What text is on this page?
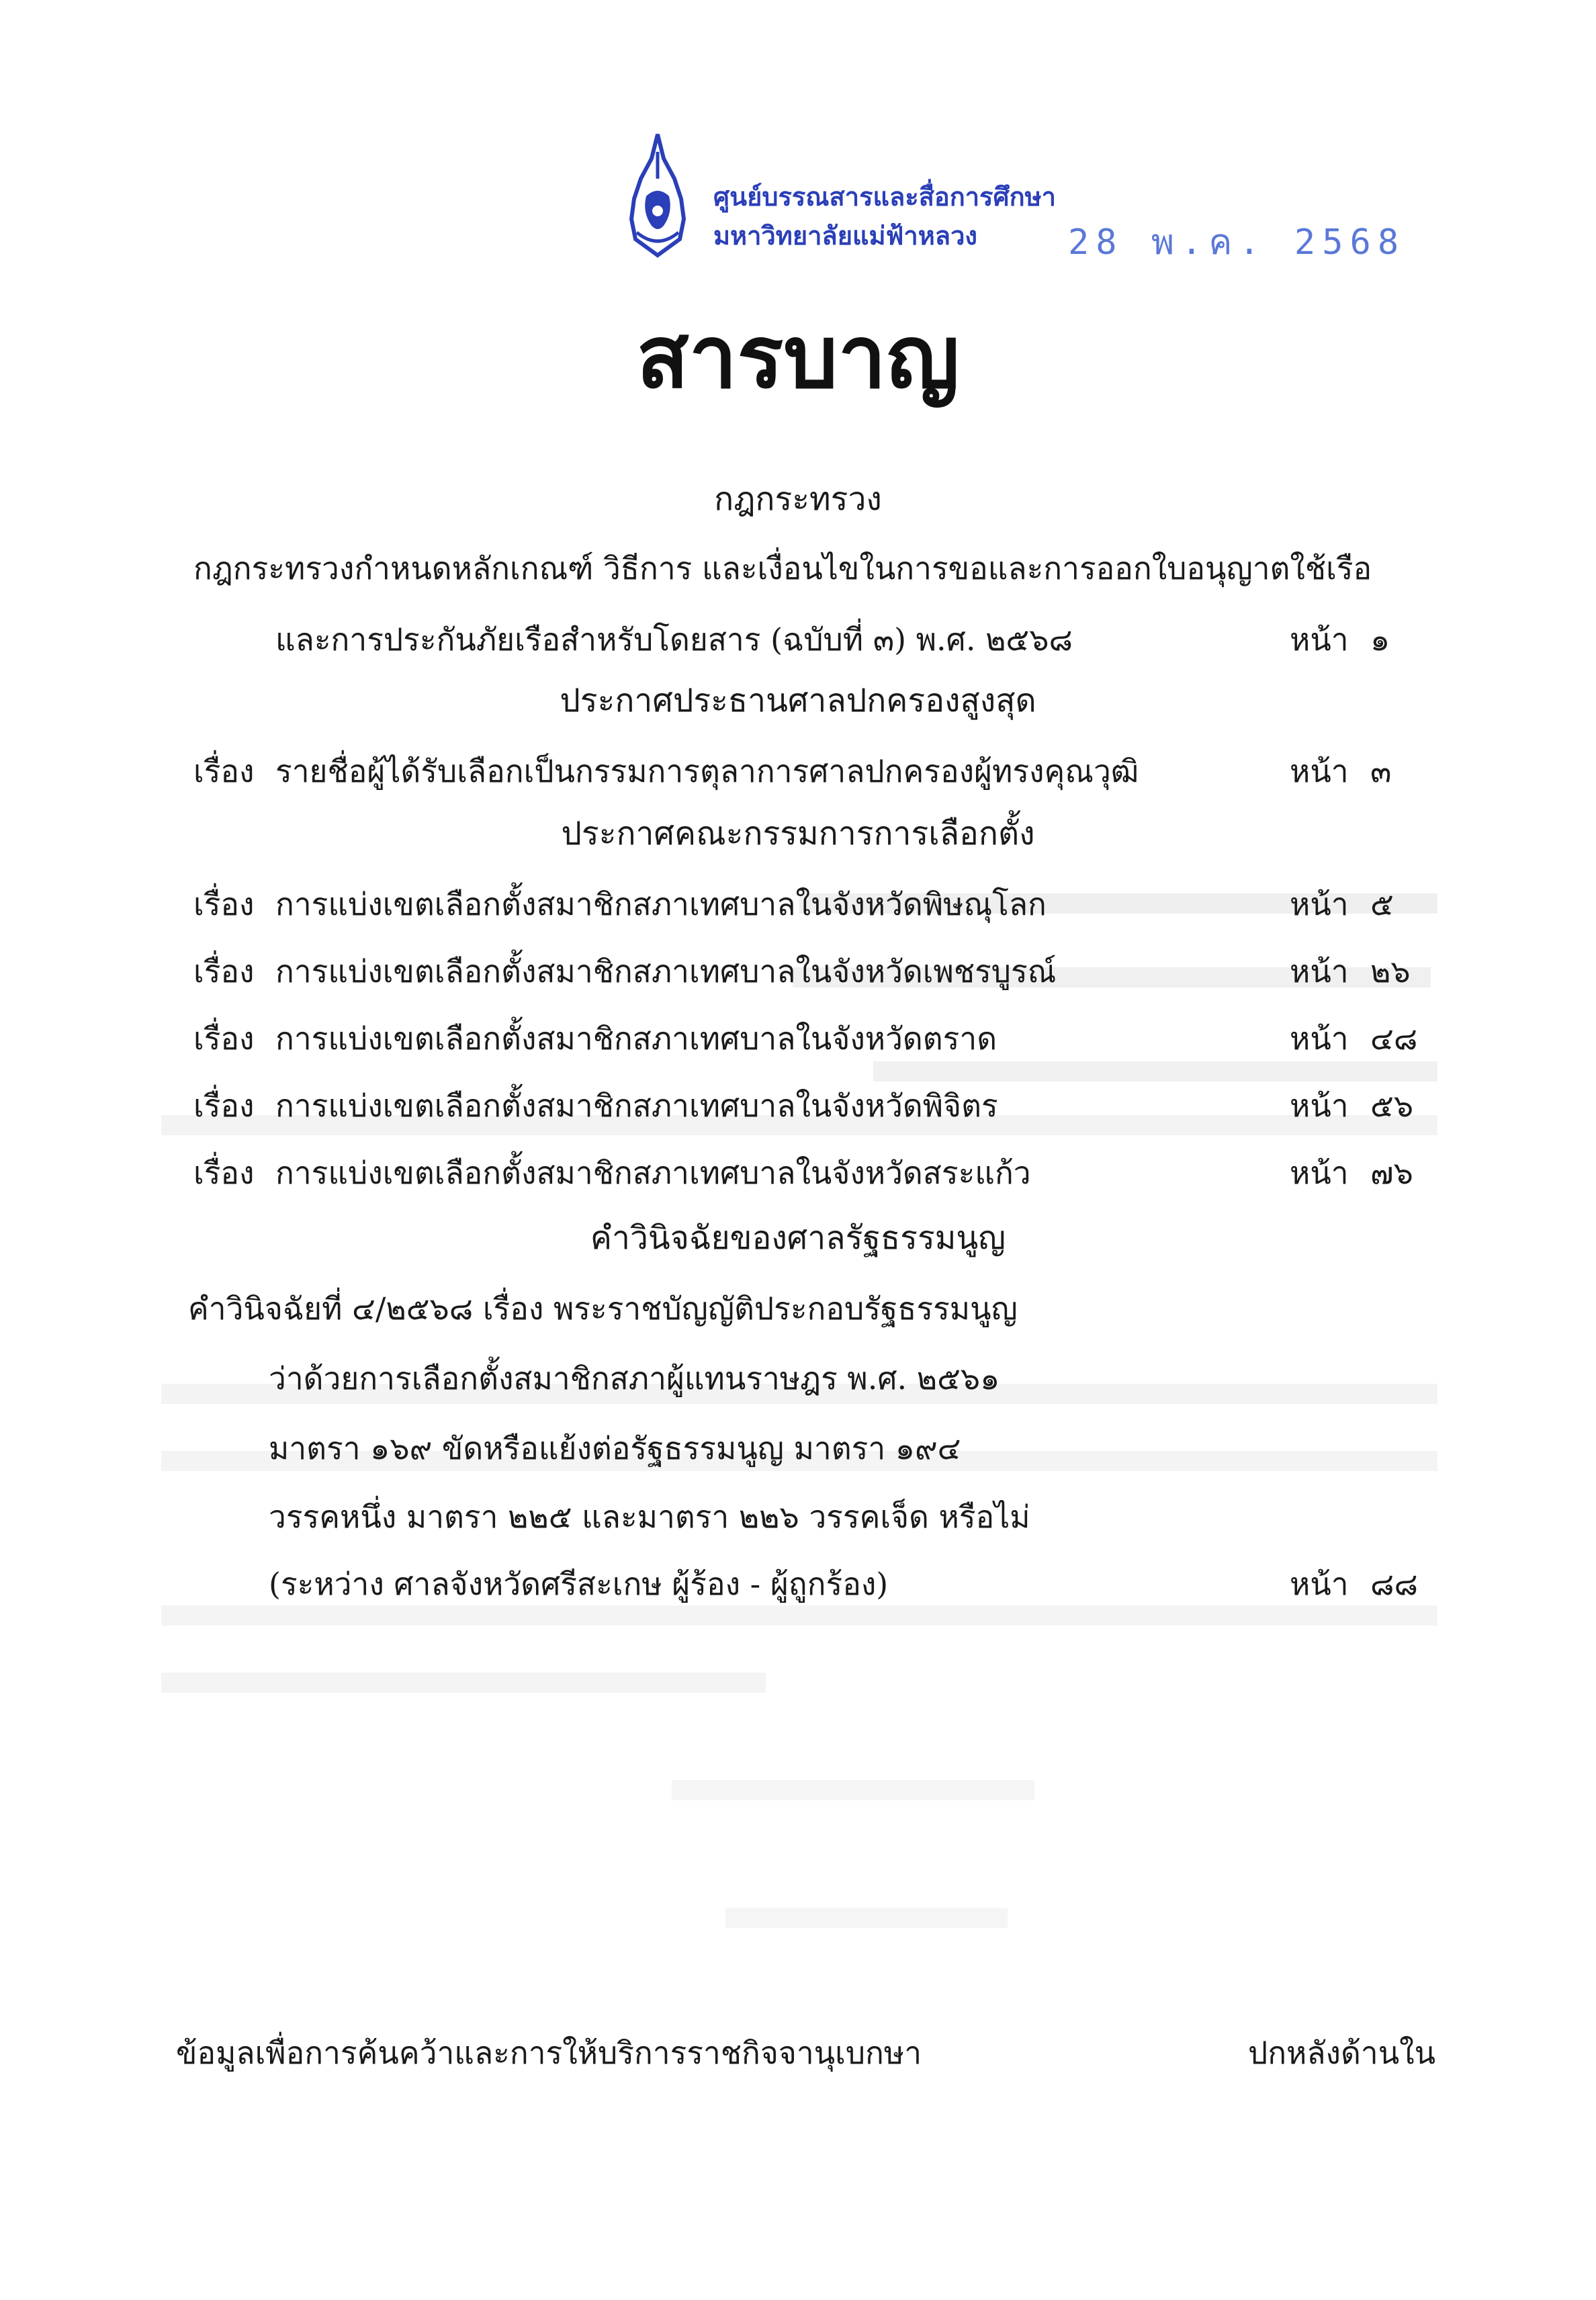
ศูนย์บรรณสารและสื่อการศึกษา
มหาวิทยาลัยแม่ฟ้าหลวง	28 พ.ค. 2568
สารบาญ
กฎกระทรวง
กฎกระทรวงกำหนดหลักเกณฑ์ วิธีการ และเงื่อนไขในการขอและการออกใบอนุญาตใช้เรือ
และการประกันภัยเรือสำหรับโดยสาร (ฉบับที่ ๓) พ.ศ. ๒๕๖๘	หน้า ๑
ประกาศประธานศาลปกครองสูงสุด
เรื่อง รายชื่อผู้ได้รับเลือกเป็นกรรมการตุลาการศาลปกครองผู้ทรงคุณวุฒิ	หน้า ๓
ประกาศคณะกรรมการการเลือกตั้ง
เรื่อง การแบ่งเขตเลือกตั้งสมาชิกสภาเทศบาลในจังหวัดพิษณุโลก	หน้า ๕
เรื่อง การแบ่งเขตเลือกตั้งสมาชิกสภาเทศบาลในจังหวัดเพชรบูรณ์	หน้า ๒๖
เรื่อง การแบ่งเขตเลือกตั้งสมาชิกสภาเทศบาลในจังหวัดตราด	หน้า ๔๘
เรื่อง การแบ่งเขตเลือกตั้งสมาชิกสภาเทศบาลในจังหวัดพิจิตร	หน้า ๕๖
เรื่อง การแบ่งเขตเลือกตั้งสมาชิกสภาเทศบาลในจังหวัดสระแก้ว	หน้า ๗๖
คำวินิจฉัยของศาลรัฐธรรมนูญ
คำวินิจฉัยที่ ๔/๒๕๖๘ เรื่อง พระราชบัญญัติประกอบรัฐธรรมนูญ
ว่าด้วยการเลือกตั้งสมาชิกสภาผู้แทนราษฎร พ.ศ. ๒๕๖๑
มาตรา ๑๖๙ ขัดหรือแย้งต่อรัฐธรรมนูญ มาตรา ๑๙๔
วรรคหนึ่ง มาตรา ๒๒๕ และมาตรา ๒๒๖ วรรคเจ็ด หรือไม่
(ระหว่าง ศาลจังหวัดศรีสะเกษ ผู้ร้อง - ผู้ถูกร้อง)	หน้า ๘๘
ข้อมูลเพื่อการค้นคว้าและการให้บริการราชกิจจานุเบกษา	ปกหลังด้านใน
